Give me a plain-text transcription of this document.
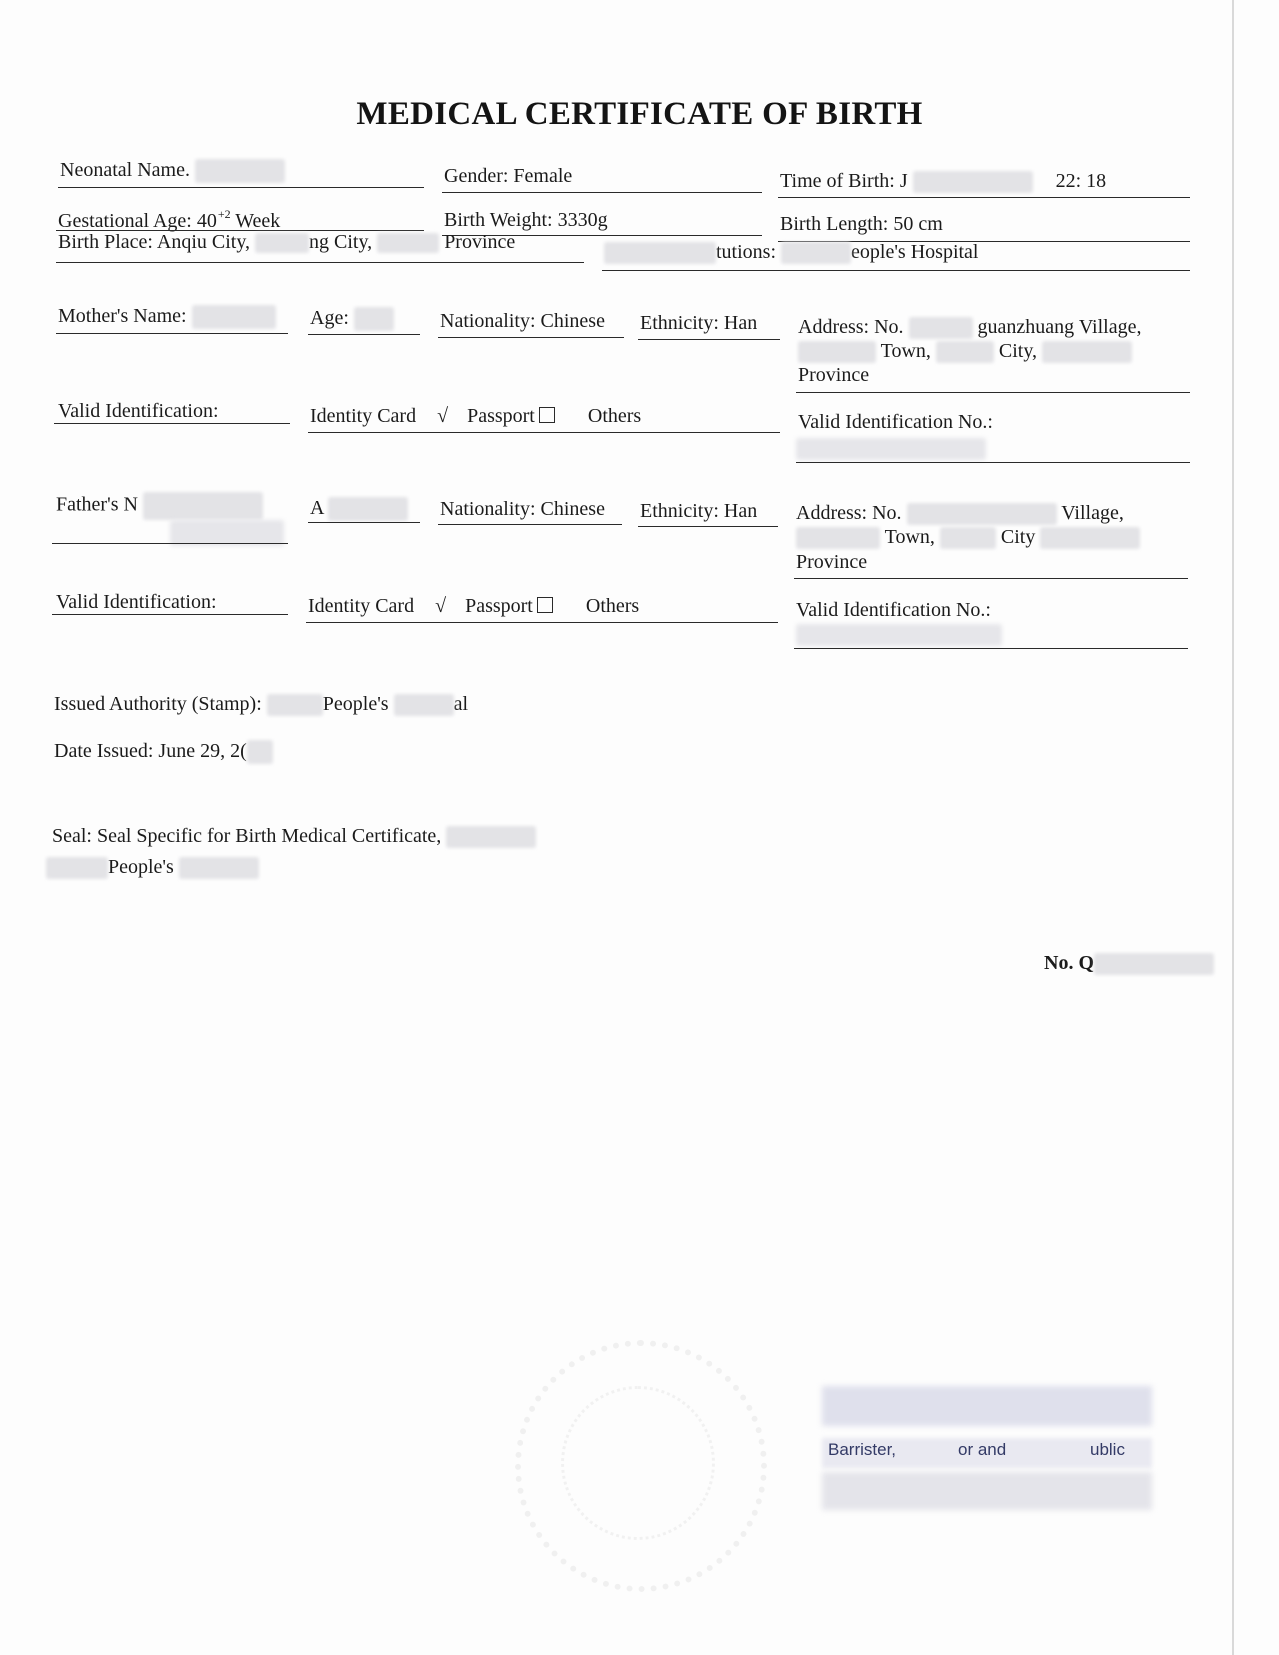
MEDICAL CERTIFICATE OF BIRTH
Neonatal Name.	Gender: Female	Time of Birth: J	22: 18
Gestational Age: $40^{+2}$ Week	Birth Weight: 3330g	Birth Length: 50 cm
Birth Place: Anqiu City,	ng City,	Province	tutions:	eople's Hospital
Mother's Name:	Age:	Nationality: Chinese Ethnicity: Han Address: No.	guanzhuang Village,
Town,	City,
Province
Valid Identification:	Identity Card √ Passport	Others	Valid Identification No.:
Father's N	A	Nationality: Chinese Ethnicity: Han Address: No.	Village,
Town,	City
Province
Valid Identification:	Identity Card √ Passport	Others	Valid Identification No.:
Issued Authority (Stamp):	People's	al
Date Issued: June 29, 2(
Seal: Seal Specific for Birth Medical Certificate,
People's
No. Q
Barrister,	or and	ublic
